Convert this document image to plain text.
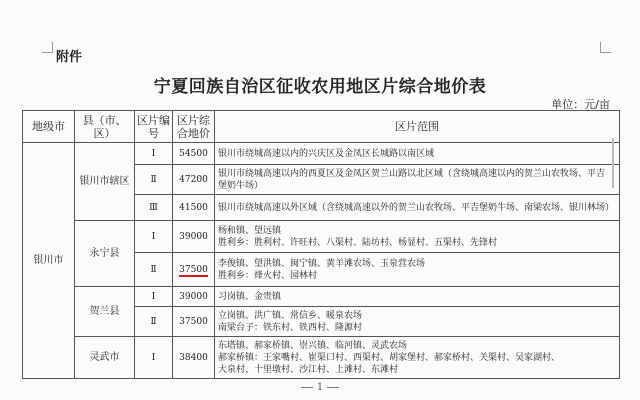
附件
宁夏回族自治区征收农用地区片综合地价表
单位：元/亩
地级市	县（市、区）	区片编号	区片综合地价	区片范围
银川市	银川市辖区	Ⅰ	54500	银川市绕城高速以内的兴庆区及金凤区长城路以南区域

		Ⅱ	47200	银川市绕城高速以内的西夏区及金凤区贺兰山路以北区域（含绕城高速以内的贺兰山农牧场、平吉
堡奶牛场）

		Ⅲ	41500	银川市绕城高速以外区域（含绕城高速以外的贺兰山农牧场、平吉堡奶牛场、南梁农场、银川林场）

	永宁县	Ⅰ	39000	杨和镇、望远镇
胜利乡：胜利村、许旺村、八渠村、陆坊村、杨显村、五渠村、先锋村

		Ⅱ	37500	李俊镇、望洪镇、闽宁镇、黄羊滩农场、玉泉营农场
胜利乡：烽火村、园林村

	贺兰县	Ⅰ	39000	习岗镇、金贵镇

		Ⅱ	37500	立岗镇、洪广镇、常信乡、暖泉农场
南梁台子：铁东村、铁西村、隆源村

	灵武市	Ⅰ	38400	东塔镇、郝家桥镇、崇兴镇、临河镇、灵武农场
郝家桥镇：王家嘴村、崔渠口村、西渠村、胡家堡村、郝家桥村、关渠村、吴家湖村、
大泉村、十里墩村、沙江村、上滩村、东滩村
1
